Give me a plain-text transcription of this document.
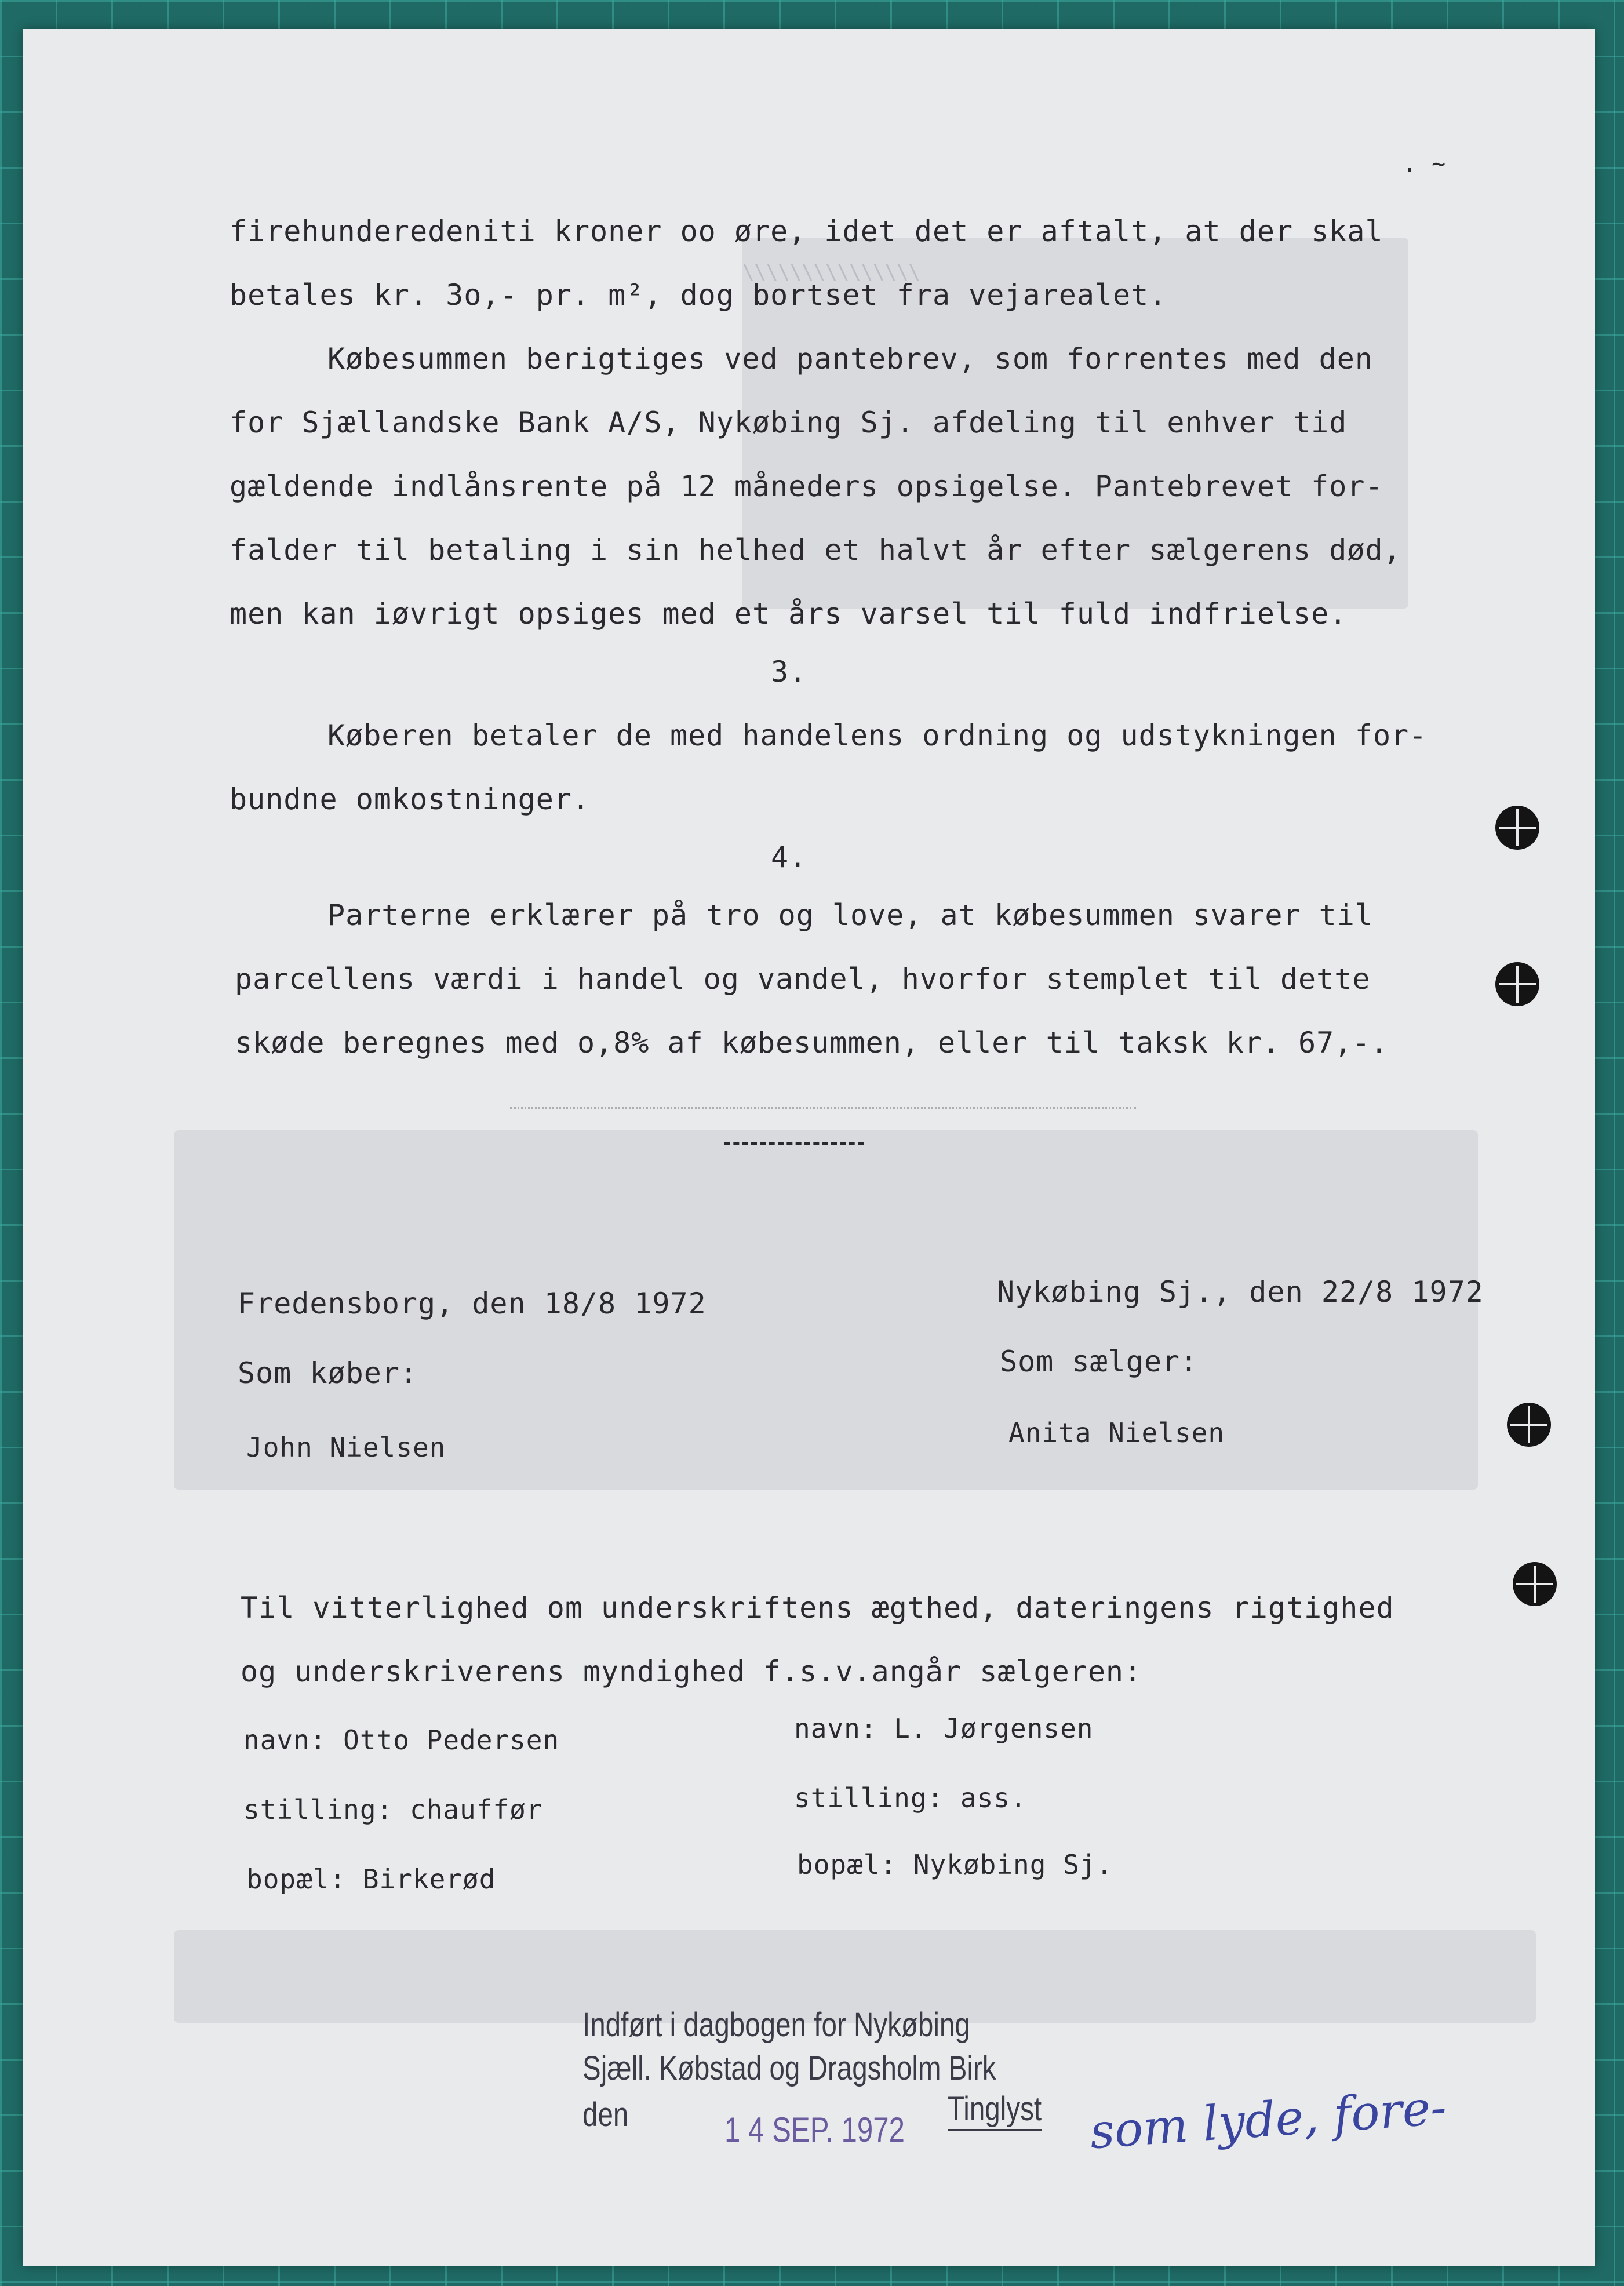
///////////////
. ~
firehunderedeniti kroner oo øre, idet det er aftalt, at der skal
betales kr. 3o,- pr. m², dog bortset fra vejarealet.
Købesummen berigtiges ved pantebrev, som forrentes med den
for Sjællandske Bank A/S, Nykøbing Sj. afdeling til enhver tid
gældende indlånsrente på 12 måneders opsigelse. Pantebrevet for-
falder til betaling i sin helhed et halvt år efter sælgerens død,
men kan iøvrigt opsiges med et års varsel til fuld indfrielse.
3.
Køberen betaler de med handelens ordning og udstykningen for-
bundne omkostninger.
4.
Parterne erklærer på tro og love, at købesummen svarer til
parcellens værdi i handel og vandel, hvorfor stemplet til dette
skøde beregnes med o,8% af købesummen, eller til taksk kr. 67,-.
Fredensborg, den 18/8 1972
Som køber:
John Nielsen
Nykøbing Sj., den 22/8 1972
Som sælger:
Anita Nielsen
Til vitterlighed om underskriftens ægthed, dateringens rigtighed
og underskriverens myndighed f.s.v.angår sælgeren:
navn: Otto Pedersen
stilling: chauffør
bopæl: Birkerød
navn: L. Jørgensen
stilling: ass.
bopæl: Nykøbing Sj.
Indført i dagbogen for Nykøbing
Sjæll. Købstad og Dragsholm Birk
den	1 4 SEP. 1972
Tinglyst som lyde, fore-
